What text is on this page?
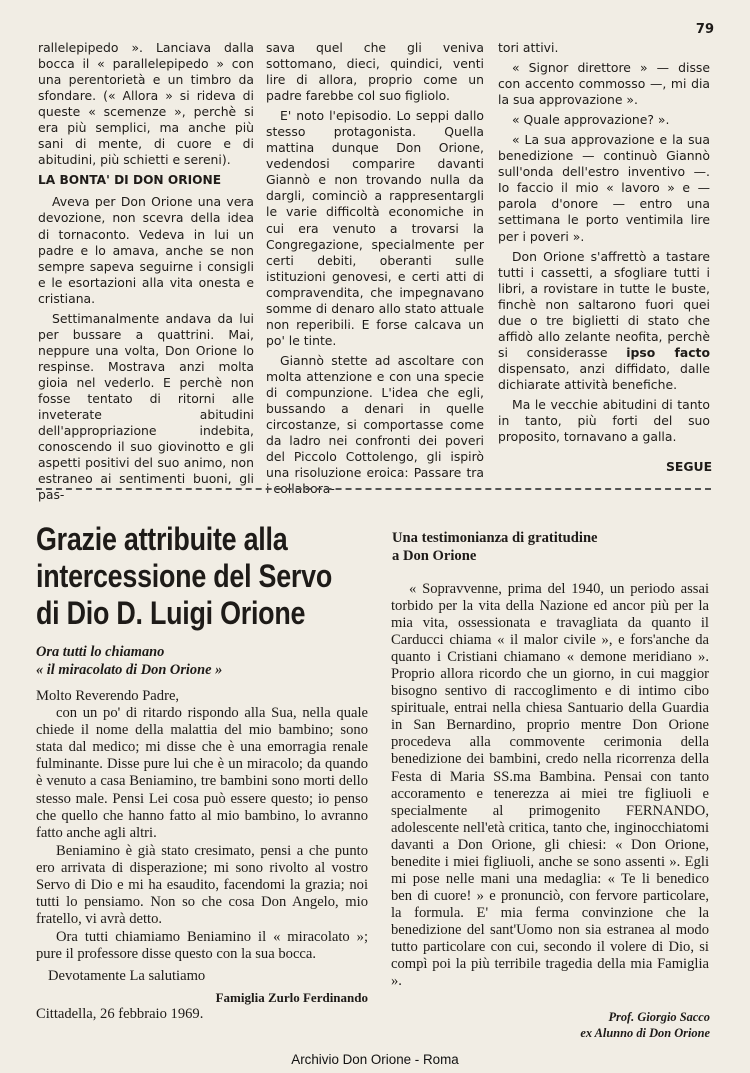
79

rallelepipedo ». Lanciava dalla bocca il « parallelepipedo » con una perentorietà e un timbro da sfondare. (« Allora » si rideva di queste « scemenze », perchè si era più semplici, ma anche più sani di mente, di cuore e di abitudini, più schietti e sereni).

LA BONTA' DI DON ORIONE

Aveva per Don Orione una vera devozione, non scevra della idea di tornaconto. Vedeva in lui un padre e lo amava, anche se non sempre sapeva seguirne i consigli e le esortazioni alla vita onesta e cristiana.

Settimanalmente andava da lui per bussare a quattrini. Mai, neppure una volta, Don Orione lo respinse. Mostrava anzi molta gioia nel vederlo. E perchè non fosse tentato di ritorni alle inveterate abitudini dell'appropriazione indebita, conoscendo il suo giovinotto e gli aspetti positivi del suo animo, non estraneo ai sentimenti buoni, gli pas-

sava quel che gli veniva sottomano, dieci, quindici, venti lire di allora, proprio come un padre farebbe col suo figliolo.

E' noto l'episodio. Lo seppi dallo stesso protagonista. Quella mattina dunque Don Orione, vedendosi comparire davanti Giannò e non trovando nulla da dargli, cominciò a rappresentargli le varie difficoltà economiche in cui era venuto a trovarsi la Congregazione, specialmente per certi debiti, oberanti sulle istituzioni genovesi, e certi atti di compravendita, che impegnavano somme di denaro allo stato attuale non reperibili. E forse calcava un po' le tinte.

Giannò stette ad ascoltare con molta attenzione e con una specie di compunzione. L'idea che egli, bussando a denari in quelle circostanze, si comportasse come da ladro nei confronti dei poveri del Piccolo Cottolengo, gli ispirò una risoluzione eroica: Passare tra i collabora-

tori attivi.

« Signor direttore » — disse con accento commosso —, mi dia la sua approvazione ».

« Quale approvazione? ».

« La sua approvazione e la sua benedizione — continuò Giannò sull'onda dell'estro inventivo —. Io faccio il mio « lavoro » e — parola d'onore — entro una settimana le porto ventimila lire per i poveri ».

Don Orione s'affrettò a tastare tutti i cassetti, a sfogliare tutti i libri, a rovistare in tutte le buste, finchè non saltarono fuori quei due o tre biglietti di stato che affidò allo zelante neofita, perchè si considerasse ipso facto dispensato, anzi diffidato, dalle dichiarate attività benefiche.

Ma le vecchie abitudini di tanto in tanto, più forti del suo proposito, tornavano a galla.

SEGUE
Grazie attribuite alla
intercessione del Servo
di Dio D. Luigi Orione
Ora tutti lo chiamano
« il miracolato di Don Orione »

Molto Reverendo Padre,

con un po' di ritardo rispondo alla Sua, nella quale chiede il nome della malattia del mio bambino; sono stata dal medico; mi disse che è una emorragia renale fulminante. Disse pure lui che è un miracolo; da quando è venuto a casa Beniamino, tre bambini sono morti dello stesso male. Pensi Lei cosa può essere questo; io penso che quello che hanno fatto al mio bambino, lo avranno fatto anche agli altri.

Beniamino è già stato cresimato, pensi a che punto ero arrivata di disperazione; mi sono rivolto al vostro Servo di Dio e mi ha esaudito, facendomi la grazia; noi tutti lo pensiamo. Non so che cosa Don Angelo, mio fratello, vi avrà detto.

Ora tutti chiamiamo Beniamino il « miracolato »; pure il professore disse questo con la sua bocca.

Devotamente La salutiamo

Famiglia Zurlo Ferdinando

Cittadella, 26 febbraio 1969.

Una testimonianza di gratitudine
a Don Orione
« Sopravvenne, prima del 1940, un periodo assai torbido per la vita della Nazione ed ancor più per la mia vita, ossessionata e travagliata da quanto il Carducci chiama « il malor civile », e fors'anche da quanto i Cristiani chiamano « demone meridiano ». Proprio allora ricordo che un giorno, in cui maggior bisogno sentivo di raccoglimento e di intimo cibo spirituale, entrai nella chiesa Santuario della Guardia in San Bernardino, proprio mentre Don Orione procedeva alla commovente cerimonia della benedizione dei bambini, credo nella ricorrenza della Festa di Maria SS.ma Bambina. Pensai con tanto accoramento e tenerezza ai miei tre figliuoli e specialmente al primogenito FERNANDO, adolescente nell'età critica, tanto che, inginocchiatomi davanti a Don Orione, gli chiesi: « Don Orione, benedite i miei figliuoli, anche se sono assenti ». Egli mi pose nelle mani una medaglia: « Te li benedico ben di cuore! » e pronunciò, con fervore particolare, la formula. E' mia ferma convinzione che la benedizione del sant'Uomo non sia estranea al modo tutto particolare con cui, secondo il volere di Dio, si compì poi la più terribile tragedia della mia Famiglia ».
Prof. Giorgio Sacco
ex Alunno di Don Orione
Archivio Don Orione - Roma
